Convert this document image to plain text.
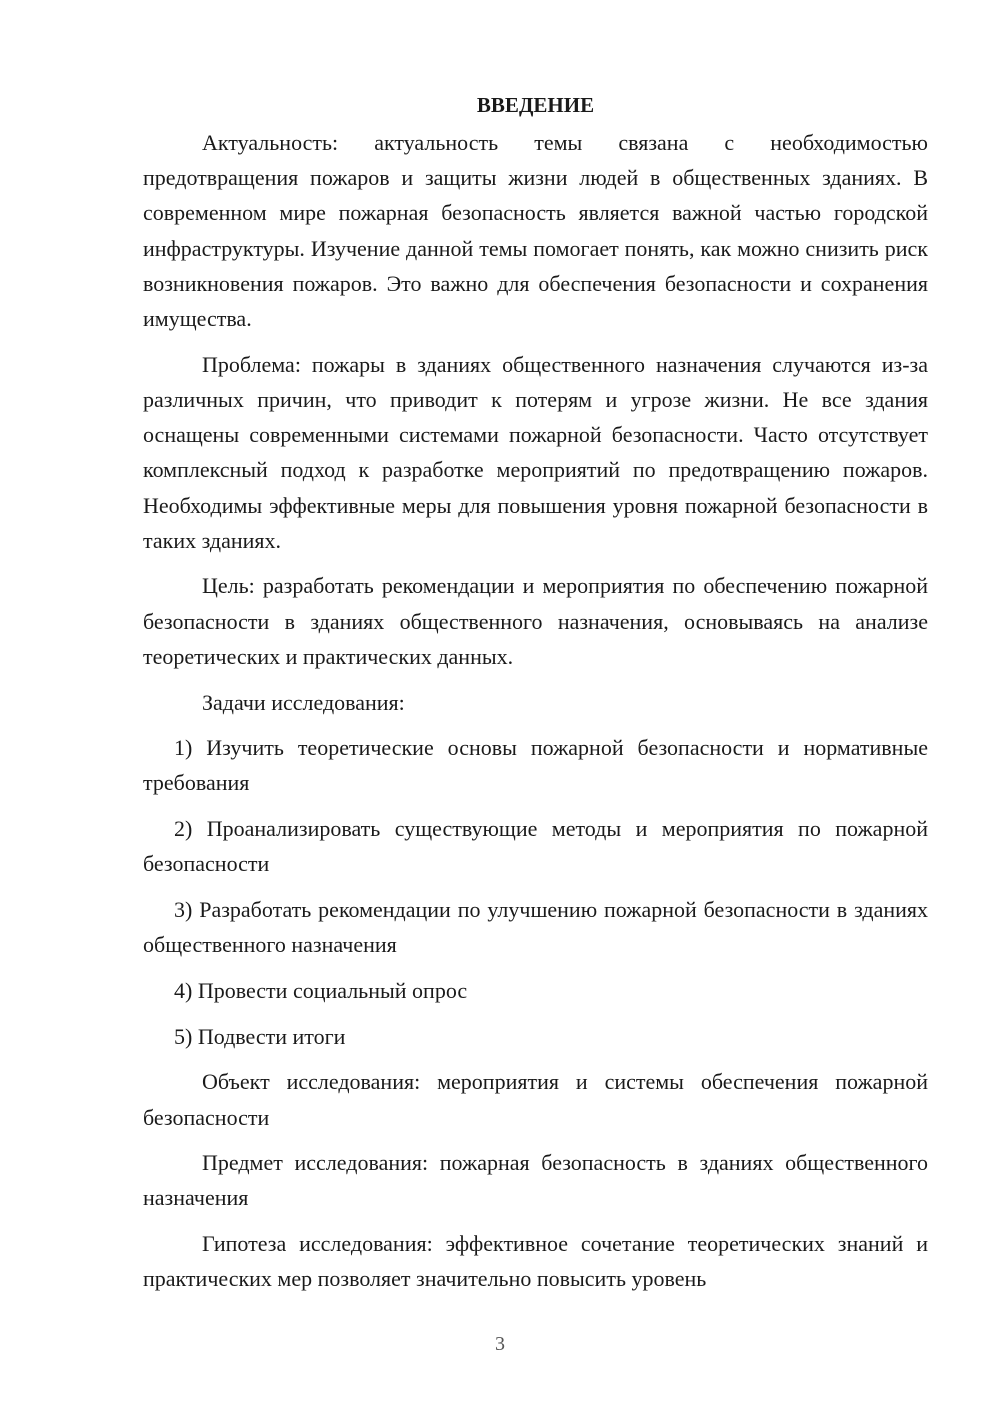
ВВЕДЕНИЕ

Актуальность: актуальность темы связана с необходимостью предотвращения пожаров и защиты жизни людей в общественных зданиях. В современном мире пожарная безопасность является важной частью городской инфраструктуры. Изучение данной темы помогает понять, как можно снизить риск возникновения пожаров. Это важно для обеспечения безопасности и сохранения имущества.

Проблема: пожары в зданиях общественного назначения случаются из-за различных причин, что приводит к потерям и угрозе жизни. Не все здания оснащены современными системами пожарной безопасности. Часто отсутствует комплексный подход к разработке мероприятий по предотвращению пожаров. Необходимы эффективные меры для повышения уровня пожарной безопасности в таких зданиях.

Цель: разработать рекомендации и мероприятия по обеспечению пожарной безопасности в зданиях общественного назначения, основываясь на анализе теоретических и практических данных.

Задачи исследования:

1) Изучить теоретические основы пожарной безопасности и нормативные требования

2) Проанализировать существующие методы и мероприятия по пожарной безопасности

3) Разработать рекомендации по улучшению пожарной безопасности в зданиях общественного назначения

4) Провести социальный опрос

5) Подвести итоги

Объект исследования: мероприятия и системы обеспечения пожарной безопасности

Предмет исследования: пожарная безопасность в зданиях общественного назначения

Гипотеза исследования: эффективное сочетание теоретических знаний и практических мер позволяет значительно повысить уровень

3
